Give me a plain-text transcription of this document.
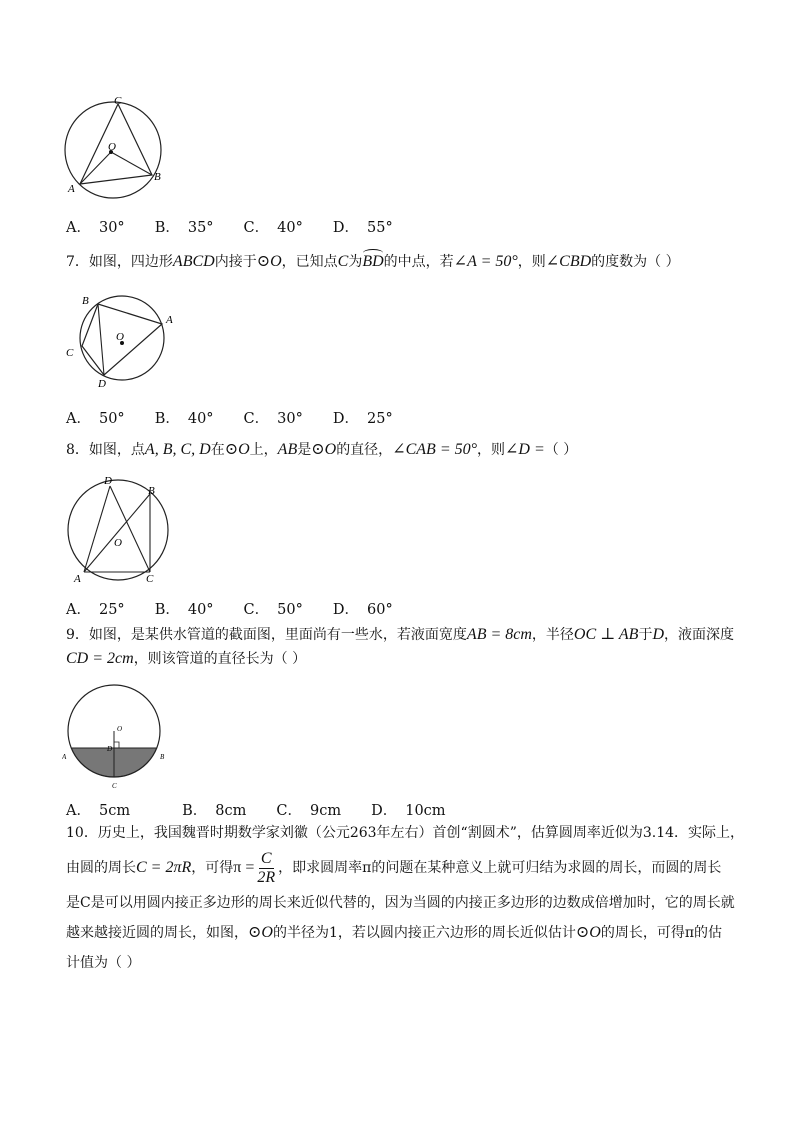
C
O
A
B
A． 30° B． 35° C． 40° D． 55°
7．如图，四边形ABCD内接于⊙O，已知点C为BD的中点，若∠A = 50°，则∠CBD的度数为（ ）
B
A
O
C
D
A． 50° B． 40° C． 30° D． 25°
8．如图，点A, B, C, D在⊙O上，AB是⊙O的直径，∠CAB = 50°，则∠D =（ ）
D
B
O
A	C
A． 25° B． 40° C． 50° D． 60°
9．如图，是某供水管道的截面图，里面尚有一些水，若液面宽度AB = 8cm，半径OC ⊥ AB于D，液面深度
CD = 2cm，则该管道的直径长为（ ）
O
A
D
B
C
A． 5cm	B． 8cm C． 9cm D． 10cm
10．历史上，我国魏晋时期数学家刘徽（公元263年左右）首创“割圆术”，估算圆周率近似为3.14．实际上，
由圆的周长C = 2πR，可得$\pi = \frac{C}{2R}$ ，即求圆周率π的问题在某种意义上就可归结为求圆的周长，而圆的周长
是C是可以用圆内接正多边形的周长来近似代替的，因为当圆的内接正多边形的边数成倍增加时，它的周长就
越来越接近圆的周长，如图，⊙O的半径为1，若以圆内接正六边形的周长近似估计⊙O的周长，可得π的估
计值为（ ）
